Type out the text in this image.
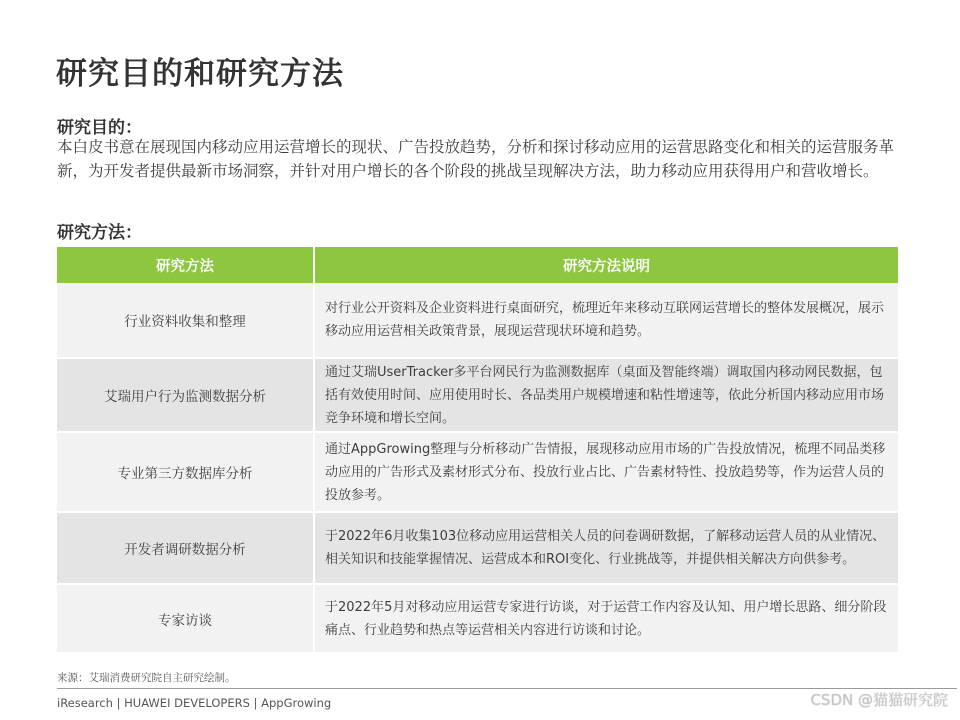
研究目的和研究方法
研究目的：
本白皮书意在展现国内移动应用运营增长的现状、广告投放趋势，分析和探讨移动应用的运营思路变化和相关的运营服务革新，为开发者提供最新市场洞察，并针对用户增长的各个阶段的挑战呈现解决方法，助力移动应用获得用户和营收增长。
研究方法：
研究方法	研究方法说明
行业资料收集和整理
对行业公开资料及企业资料进行桌面研究，梳理近年来移动互联网运营增长的整体发展概况，展示移动应用运营相关政策背景，展现运营现状环境和趋势。
艾瑞用户行为监测数据分析
通过艾瑞UserTracker多平台网民行为监测数据库（桌面及智能终端）调取国内移动网民数据，包括有效使用时间、应用使用时长、各品类用户规模增速和粘性增速等，依此分析国内移动应用市场竞争环境和增长空间。
专业第三方数据库分析
通过AppGrowing整理与分析移动广告情报，展现移动应用市场的广告投放情况，梳理不同品类移动应用的广告形式及素材形式分布、投放行业占比、广告素材特性、投放趋势等，作为运营人员的投放参考。
开发者调研数据分析
于2022年6月收集103位移动应用运营相关人员的问卷调研数据，了解移动运营人员的从业情况、相关知识和技能掌握情况、运营成本和ROI变化、行业挑战等，并提供相关解决方向供参考。
专家访谈
于2022年5月对移动应用运营专家进行访谈，对于运营工作内容及认知、用户增长思路、细分阶段痛点、行业趋势和热点等运营相关内容进行访谈和讨论。
来源：艾瑞消费研究院自主研究绘制。
iResearch | HUAWEI DEVELOPERS | AppGrowing	CSDN @猫猫研究院
